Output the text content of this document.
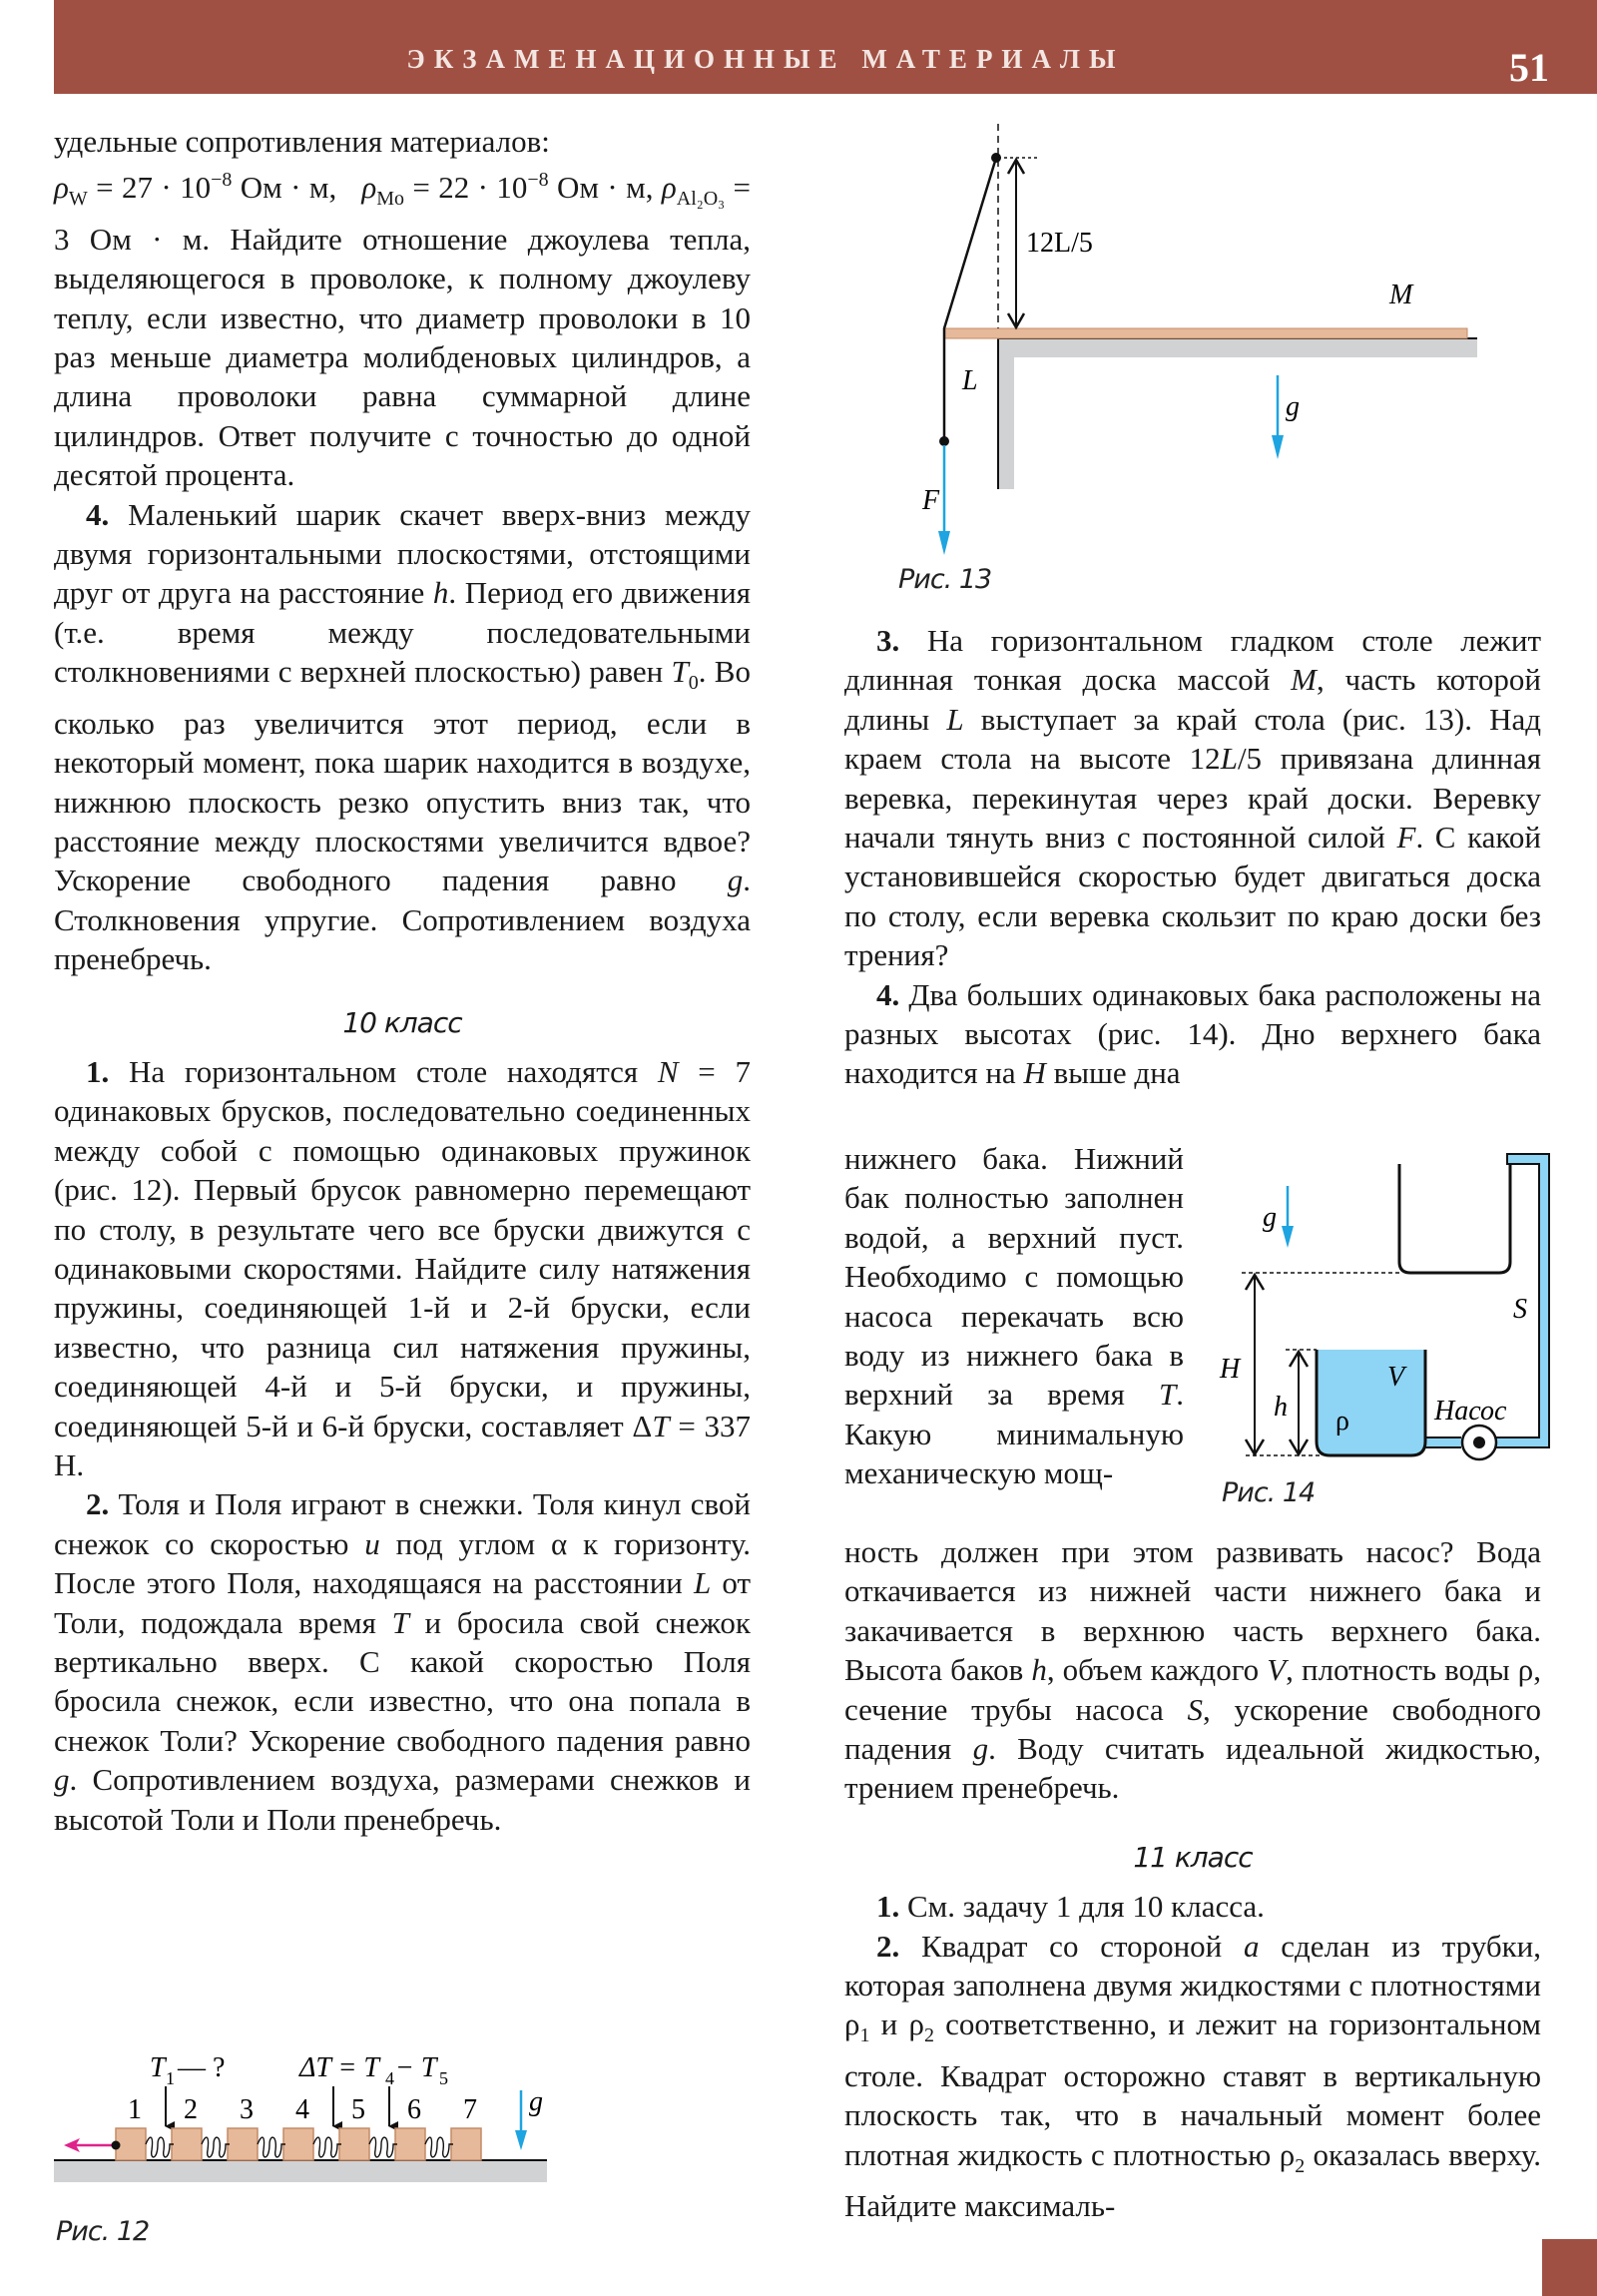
ЭКЗАМЕНАЦИОННЫЕ МАТЕРИАЛЫ	51

удельные сопротивления материалов:
$\rho_W = 27 \cdot 10^{-8}$ Ом · м, $\rho_{Mo} = 22 \cdot 10^{-8}$ Ом · м, $\rho_{Al_2O_3} = 3$ Ом · м. Найдите отношение джоулева тепла, выделяющегося в проволоке, к полному джоулеву теплу, если известно, что диаметр проволоки в 10 раз меньше диаметра молибденовых цилиндров, а длина проволоки равна суммарной длине цилиндров. Ответ получите с точностью до одной десятой процента.

4. Маленький шарик скачет вверх-вниз между двумя горизонтальными плоскостями, отстоящими друг от друга на расстояние h. Период его движения (т.е. время между последовательными столкновениями с верхней плоскостью) равен $T_0$. Во сколько раз увеличится этот период, если в некоторый момент, пока шарик находится в воздухе, нижнюю плоскость резко опустить вниз так, что расстояние между плоскостями увеличится вдвое? Ускорение свободного падения равно g. Столкновения упругие. Сопротивлением воздуха пренебречь.

10 класс

1. На горизонтальном столе находятся N = 7 одинаковых брусков, последовательно соединенных между собой с помощью одинаковых пружинок (рис. 12). Первый брусок равномерно перемещают по столу, в результате чего все бруски движутся с одинаковыми скоростями. Найдите силу натяжения пружины, соединяющей 1-й и 2-й бруски, если известно, что разница сил натяжения пружины, соединяющей 4-й и 5-й бруски, и пружины, соединяющей 5-й и 6-й бруски, составляет ΔT = 337 Н.

2. Толя и Поля играют в снежки. Толя кинул свой снежок со скоростью u под углом α к горизонту. После этого Поля, находящаяся на расстоянии L от Толи, подождала время T и бросила свой снежок вертикально вверх. С какой скоростью Поля бросила снежок, если известно, что она попала в снежок Толи? Ускорение свободного падения равно g. Сопротивлением воздуха, размерами снежков и высотой Толи и Поли пренебречь.

T 1 — ?	ΔT = T 4 − T 5
1 2 3 4 5 6 7 g
Рис. 12
12L/5
M
L
F
g
Рис. 13

3. На горизонтальном гладком столе лежит длинная тонкая доска массой M, часть которой длины L выступает за край стола (рис. 13). Над краем стола на высоте 12L/5 привязана длинная веревка, перекинутая через край доски. Веревку начали тянуть вниз с постоянной силой F. С какой установившейся скоростью будет двигаться доска по столу, если веревка скользит по краю доски без трения?

4. Два больших одинаковых бака расположены на разных высотах (рис. 14). Дно верхнего бака находится на H выше дна

нижнего бака. Нижний бак полностью заполнен водой, а верхний пуст. Необходимо с помощью насоса перекачать всю воду из нижнего бака в верхний за время T. Какую минимальную механическую мощ-
g
S
H
h
V
ρ	Насос
Рис. 14

ность должен при этом развивать насос? Вода откачивается из нижней части нижнего бака и закачивается в верхнюю часть верхнего бака. Высота баков h, объем каждого V, плотность воды ρ, сечение трубы насоса S, ускорение свободного падения g. Воду считать идеальной жидкостью, трением пренебречь.

11 класс

1. См. задачу 1 для 10 класса.

2. Квадрат со стороной a сделан из трубки, которая заполнена двумя жидкостями с плотностями $\rho_1$ и $\rho_2$ соответственно, и лежит на горизонтальном столе. Квадрат осторожно ставят в вертикальную плоскость так, что в начальный момент более плотная жидкость с плотностью $\rho_2$ оказалась вверху. Найдите максималь-
